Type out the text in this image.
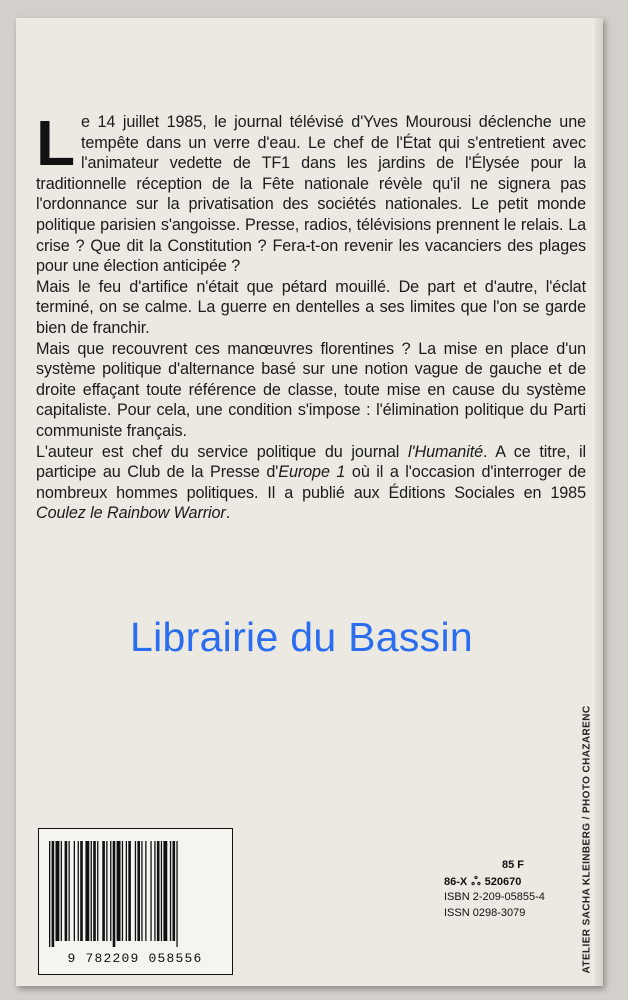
Le 14 juillet 1985, le journal télévisé d'Yves Mourousi déclenche une tempête dans un verre d'eau. Le chef de l'État qui s'entretient avec l'animateur vedette de TF1 dans les jardins de l'Élysée pour la traditionnelle réception de la Fête nationale révèle qu'il ne signera pas l'ordonnance sur la privatisation des sociétés nationales. Le petit monde politique parisien s'angoisse. Presse, radios, télévisions prennent le relais. La crise ? Que dit la Constitution ? Fera-t-on revenir les vacanciers des plages pour une élection anticipée ?

Mais le feu d'artifice n'était que pétard mouillé. De part et d'autre, l'éclat terminé, on se calme. La guerre en dentelles a ses limites que l'on se garde bien de franchir.

Mais que recouvrent ces manœuvres florentines ? La mise en place d'un système politique d'alternance basé sur une notion vague de gauche et de droite effaçant toute référence de classe, toute mise en cause du système capitaliste. Pour cela, une condition s'impose : l'élimination politique du Parti communiste français.

L'auteur est chef du service politique du journal l'Humanité. A ce titre, il participe au Club de la Presse d'Europe 1 où il a l'occasion d'interroger de nombreux hommes politiques. Il a publié aux Éditions Sociales en 1985 Coulez le Rainbow Warrior.

ATELIER SACHA KLEINBERG / PHOTO CHAZARENC
9 782209 058556
85 F
86-X ஃ 520670
ISBN 2-209-05855-4
ISSN 0298-3079
Librairie du Bassin
